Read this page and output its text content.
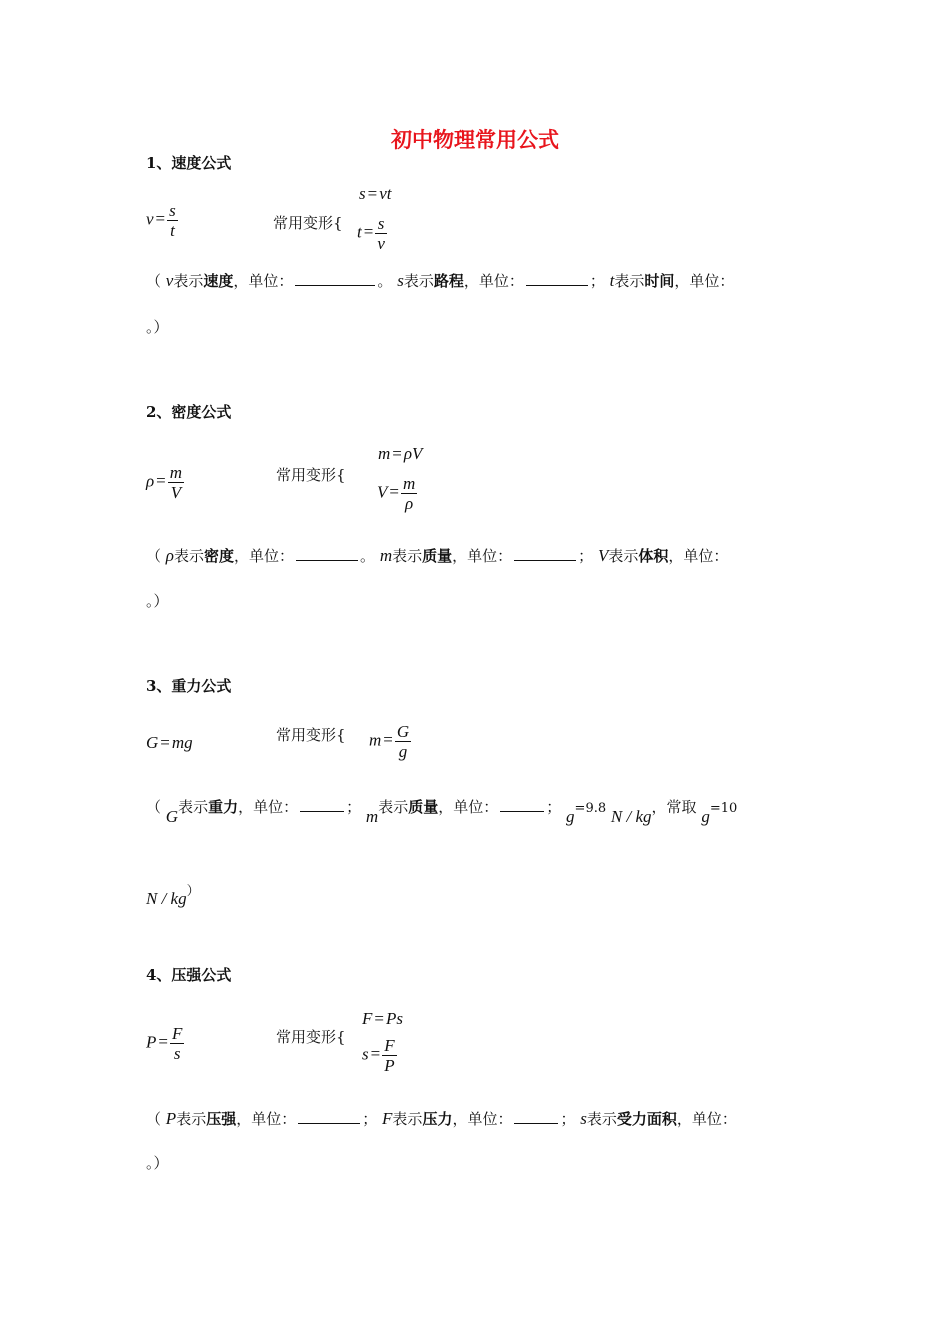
初中物理常用公式
1、速度公式
$v = \frac{s}{t}$	常用变形{
s = vt
$t = \frac{s}{v}$
（ v表示速度，单位：	。 s表示路程，单位：	； t表示时间，单位：
。）
2、密度公式
$\rho = \frac{m}{V}$	常用变形{
m = ρV
$V = \frac{m}{\rho}$
（ ρ表示密度，单位：	。 m表示质量，单位：	； V表示体积，单位：
。）
3、重力公式
G = mg	常用变形{ $m = \frac{G}{g}$
（ G表示重力，单位：	； m表示质量，单位：	； g=9.8 N / kg，常取 g=10
N / kg）
4、压强公式
$P = \frac{F}{s}$	常用变形{
F = Ps
$s = \frac{F}{P}$
（ P表示压强，单位：	； F表示压力，单位：	； s表示受力面积，单位：
。）
